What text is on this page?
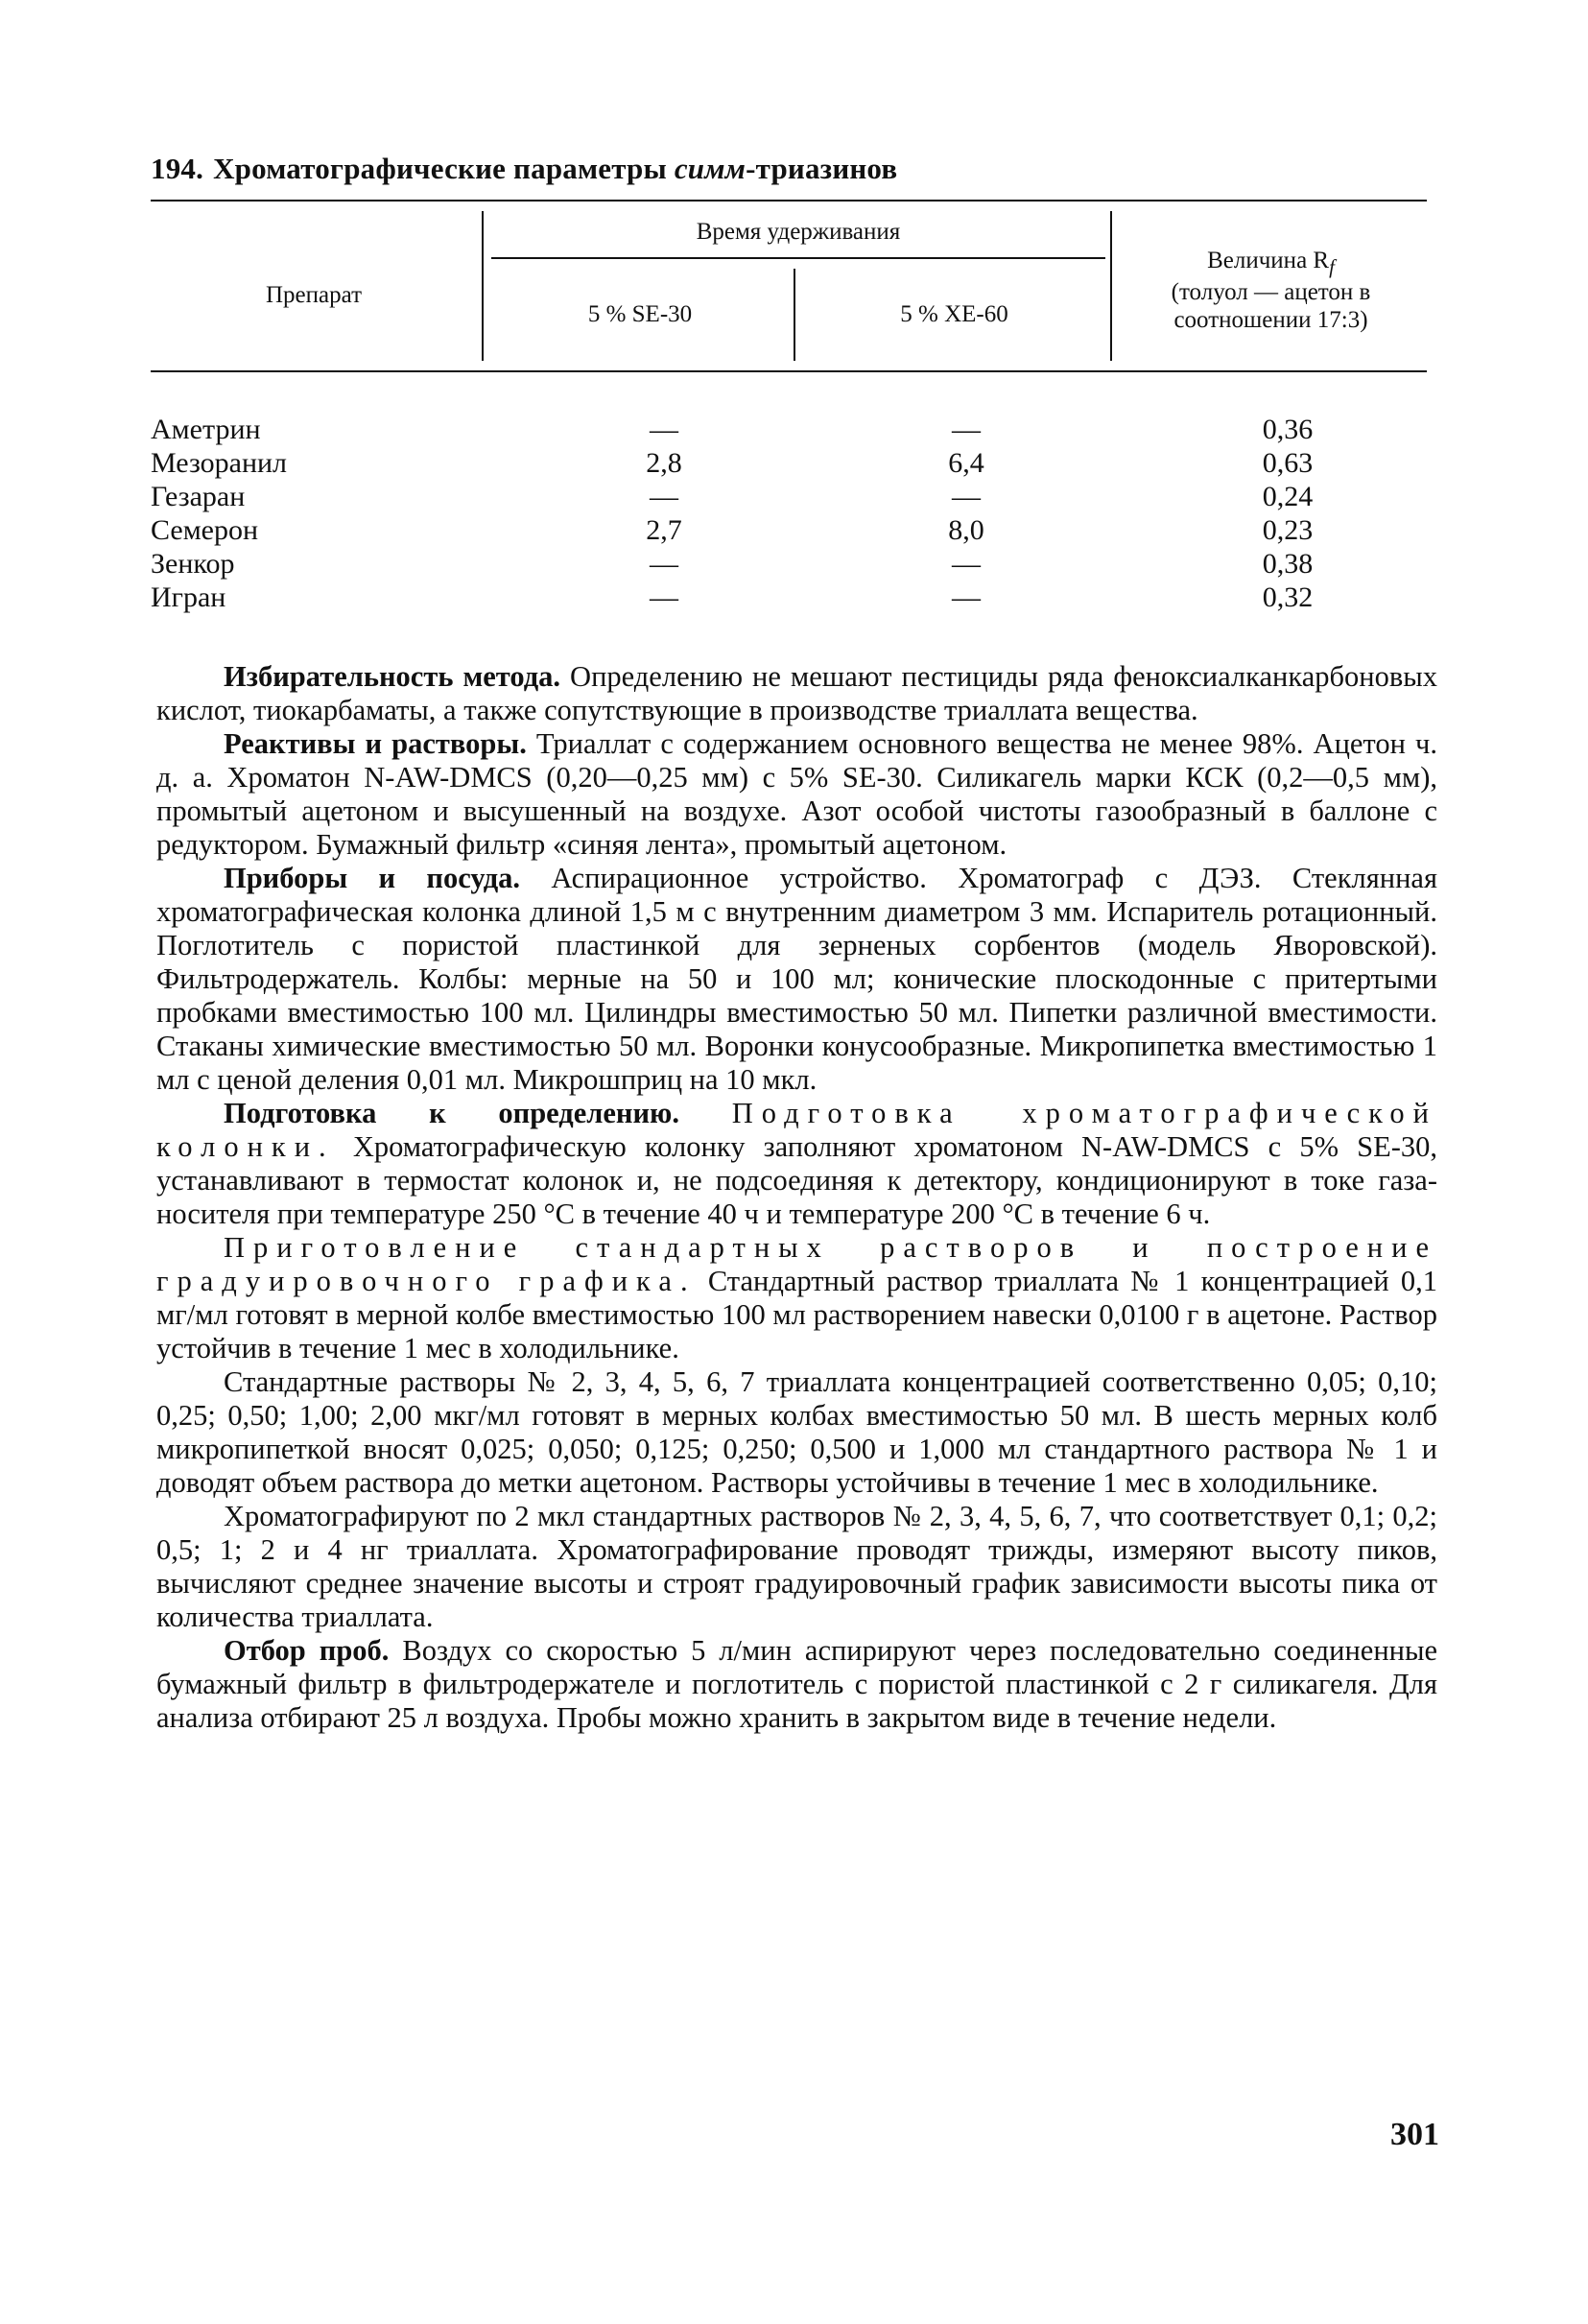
194. Хроматографические параметры симм-триазинов
Препарат
Время удерживания
5 % SE-30	5 % XE-60
Величина $R_f$
(толуол — ацетон в
соотношении 17:3)
Аметрин
Мезоранил
Гезаран
Семерон
Зенкор
Игран
—
2,8
—
2,7
—
—
—
6,4
—
8,0
—
—
0,36
0,63
0,24
0,23
0,38
0,32

Избирательность метода. Определению не мешают пестициды ряда феноксиалканкарбоновых кислот, тиокарбаматы, а также сопутствующие в производстве триаллата вещества.

Реактивы и растворы. Триаллат с содержанием основного вещества не менее 98%. Ацетон ч. д. а. Хроматон N-AW-DMCS (0,20—0,25 мм) с 5% SE-30. Силикагель марки КСК (0,2—0,5 мм), промытый ацетоном и высушенный на воздухе. Азот особой чистоты газообразный в баллоне с редуктором. Бумажный фильтр «синяя лента», промытый ацетоном.

Приборы и посуда. Аспирационное устройство. Хроматограф с ДЭЗ. Стеклянная хроматографическая колонка длиной 1,5 м с внутренним диаметром 3 мм. Испаритель ротационный. Поглотитель с пористой пластинкой для зерненых сорбентов (модель Яворовской). Фильтродержатель. Колбы: мерные на 50 и 100 мл; конические плоскодонные с притертыми пробками вместимостью 100 мл. Цилиндры вместимостью 50 мл. Пипетки различной вместимости. Стаканы химические вместимостью 50 мл. Воронки конусообразные. Микропипетка вместимостью 1 мл с ценой деления 0,01 мл. Микрошприц на 10 мкл.

Подготовка к определению. Подготовка хроматографической колонки. Хроматографическую колонку заполняют хроматоном N-AW-DMCS с 5% SE-30, устанавливают в термостат колонок и, не подсоединяя к детектору, кондиционируют в токе газа-носителя при температуре 250 °С в течение 40 ч и температуре 200 °С в течение 6 ч.

Приготовление стандартных растворов и построение градуировочного графика. Стандартный раствор триаллата № 1 концентрацией 0,1 мг/мл готовят в мерной колбе вместимостью 100 мл растворением навески 0,0100 г в ацетоне. Раствор устойчив в течение 1 мес в холодильнике.

Стандартные растворы № 2, 3, 4, 5, 6, 7 триаллата концентрацией соответственно 0,05; 0,10; 0,25; 0,50; 1,00; 2,00 мкг/мл готовят в мерных колбах вместимостью 50 мл. В шесть мерных колб микропипеткой вносят 0,025; 0,050; 0,125; 0,250; 0,500 и 1,000 мл стандартного раствора № 1 и доводят объем раствора до метки ацетоном. Растворы устойчивы в течение 1 мес в холодильнике.

Хроматографируют по 2 мкл стандартных растворов № 2, 3, 4, 5, 6, 7, что соответствует 0,1; 0,2; 0,5; 1; 2 и 4 нг триаллата. Хроматографирование проводят трижды, измеряют высоту пиков, вычисляют среднее значение высоты и строят градуировочный график зависимости высоты пика от количества триаллата.

Отбор проб. Воздух со скоростью 5 л/мин аспирируют через последовательно соединенные бумажный фильтр в фильтродержателе и поглотитель с пористой пластинкой с 2 г силикагеля. Для анализа отбирают 25 л воздуха. Пробы можно хранить в закрытом виде в течение недели.

301
